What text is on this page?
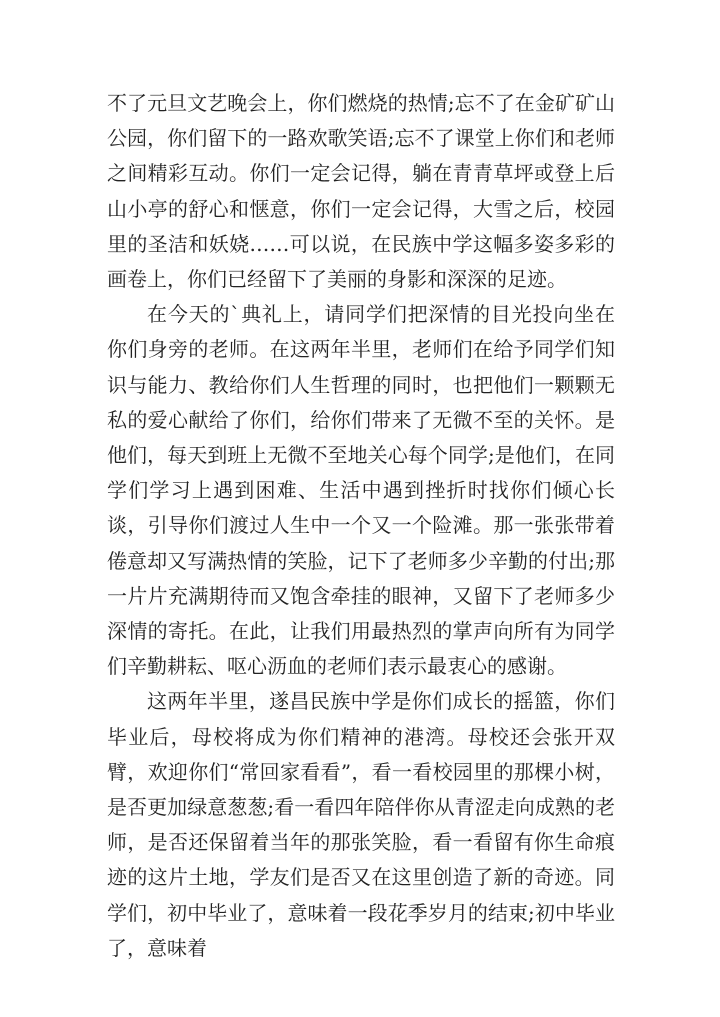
不了元旦文艺晚会上，你们燃烧的热情;忘不了在金矿矿山公园，你们留下的一路欢歌笑语;忘不了课堂上你们和老师之间精彩互动。你们一定会记得，躺在青青草坪或登上后山小亭的舒心和惬意，你们一定会记得，大雪之后，校园里的圣洁和妖娆……可以说，在民族中学这幅多姿多彩的画卷上，你们已经留下了美丽的身影和深深的足迹。

在今天的`典礼上，请同学们把深情的目光投向坐在你们身旁的老师。在这两年半里，老师们在给予同学们知识与能力、教给你们人生哲理的同时，也把他们一颗颗无私的爱心献给了你们，给你们带来了无微不至的关怀。是他们，每天到班上无微不至地关心每个同学;是他们，在同学们学习上遇到困难、生活中遇到挫折时找你们倾心长谈，引导你们渡过人生中一个又一个险滩。那一张张带着倦意却又写满热情的笑脸，记下了老师多少辛勤的付出;那一片片充满期待而又饱含牵挂的眼神，又留下了老师多少深情的寄托。在此，让我们用最热烈的掌声向所有为同学们辛勤耕耘、呕心沥血的老师们表示最衷心的感谢。

这两年半里，遂昌民族中学是你们成长的摇篮，你们毕业后，母校将成为你们精神的港湾。母校还会张开双臂，欢迎你们“常回家看看”，看一看校园里的那棵小树，是否更加绿意葱葱;看一看四年陪伴你从青涩走向成熟的老师，是否还保留着当年的那张笑脸，看一看留有你生命痕迹的这片土地，学友们是否又在这里创造了新的奇迹。同学们，初中毕业了，意味着一段花季岁月的结束;初中毕业了，意味着
